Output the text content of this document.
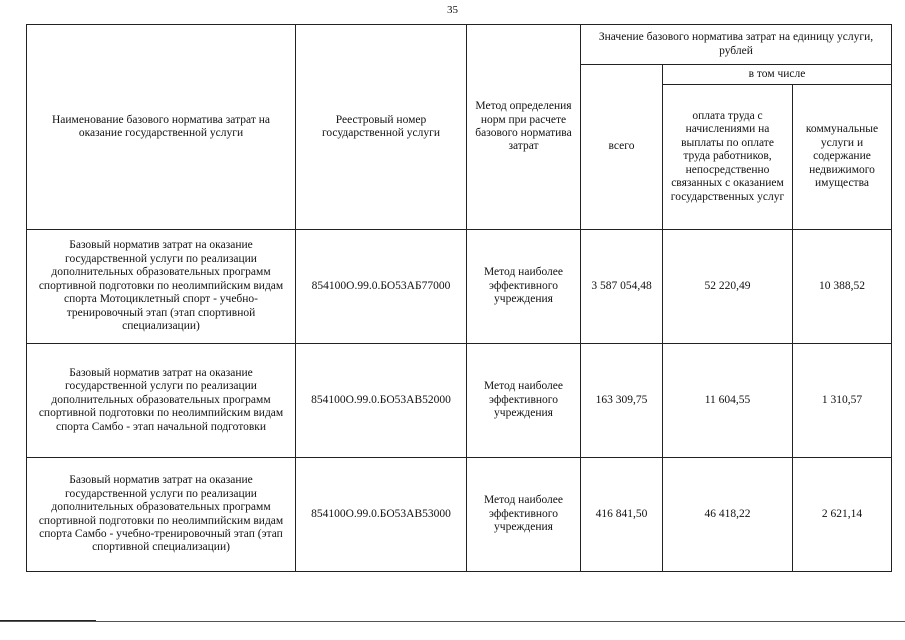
35
Наименование базового норматива затрат на оказание государственной услуги	Реестровый номер государственной услуги	Метод определения норм при расчете базового норматива затрат	Значение базового норматива затрат на единицу услуги, рублей		
			всего	в том числе	
				оплата труда с начислениями на выплаты по оплате труда работников, непосредственно связанных с оказанием государственных услуг	коммунальные услуги и содержание недвижимого имущества
Базовый норматив затрат на оказание государственной услуги по реализации дополнительных образовательных программ спортивной подготовки по неолимпийским видам спорта Мотоциклетный спорт - учебно-тренировочный этап (этап спортивной специализации)	854100О.99.0.БО53АБ77000	Метод наиболее эффективного учреждения	3 587 054,48	52 220,49	10 388,52
Базовый норматив затрат на оказание государственной услуги по реализации дополнительных образовательных программ спортивной подготовки по неолимпийским видам спорта Самбо - этап начальной подготовки	854100О.99.0.БО53АВ52000	Метод наиболее эффективного учреждения	163 309,75	11 604,55	1 310,57
Базовый норматив затрат на оказание государственной услуги по реализации дополнительных образовательных программ спортивной подготовки по неолимпийским видам спорта Самбо - учебно-тренировочный этап (этап спортивной специализации)	854100О.99.0.БО53АВ53000	Метод наиболее эффективного учреждения	416 841,50	46 418,22	2 621,14
